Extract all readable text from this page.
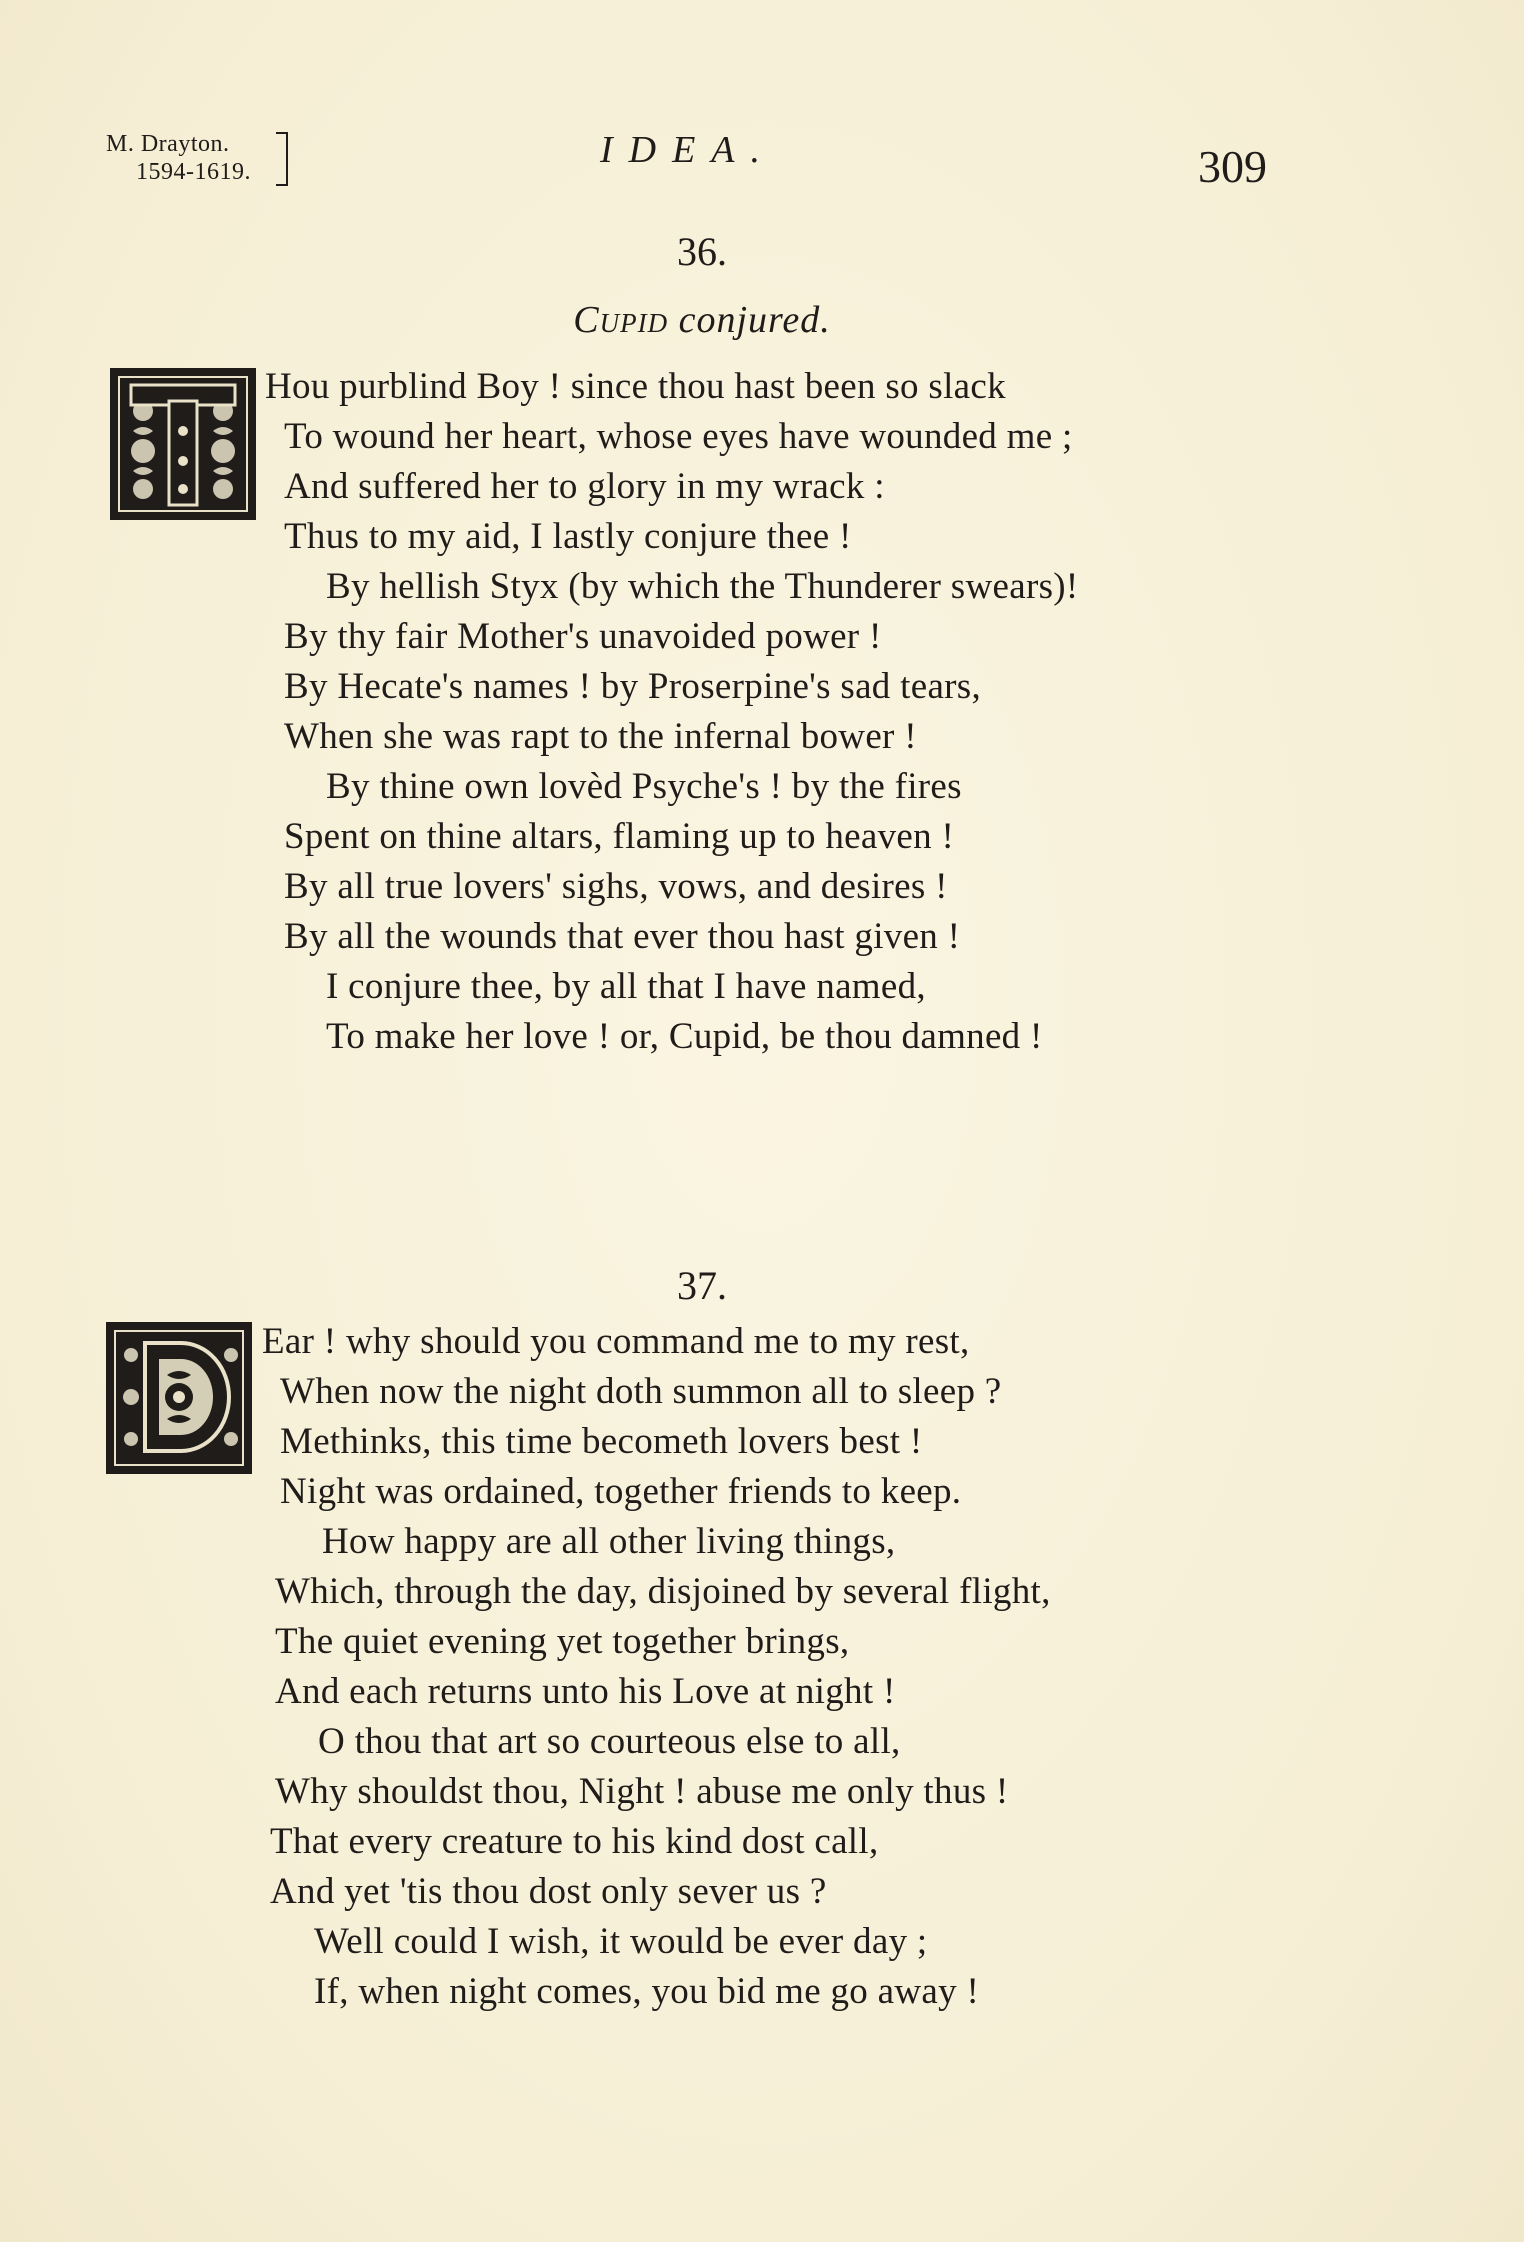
M. Drayton.
1594-1619.
IDEA.	309
36.
Cupid conjured.
Hou purblind Boy ! since thou hast been so slack
To wound her heart, whose eyes have wounded me ;
And suffered her to glory in my wrack :
Thus to my aid, I lastly conjure thee !
By hellish Styx (by which the Thunderer swears)!
By thy fair Mother's unavoided power !
By Hecate's names ! by Proserpine's sad tears,
When she was rapt to the infernal bower !
By thine own lovèd Psyche's ! by the fires
Spent on thine altars, flaming up to heaven !
By all true lovers' sighs, vows, and desires !
By all the wounds that ever thou hast given !
I conjure thee, by all that I have named,
To make her love ! or, Cupid, be thou damned !
37.
Ear ! why should you command me to my rest,
When now the night doth summon all to sleep ?
Methinks, this time becometh lovers best !
Night was ordained, together friends to keep.
How happy are all other living things,
Which, through the day, disjoined by several flight,
The quiet evening yet together brings,
And each returns unto his Love at night !
O thou that art so courteous else to all,
Why shouldst thou, Night ! abuse me only thus !
That every creature to his kind dost call,
And yet 'tis thou dost only sever us ?
Well could I wish, it would be ever day ;
If, when night comes, you bid me go away !
